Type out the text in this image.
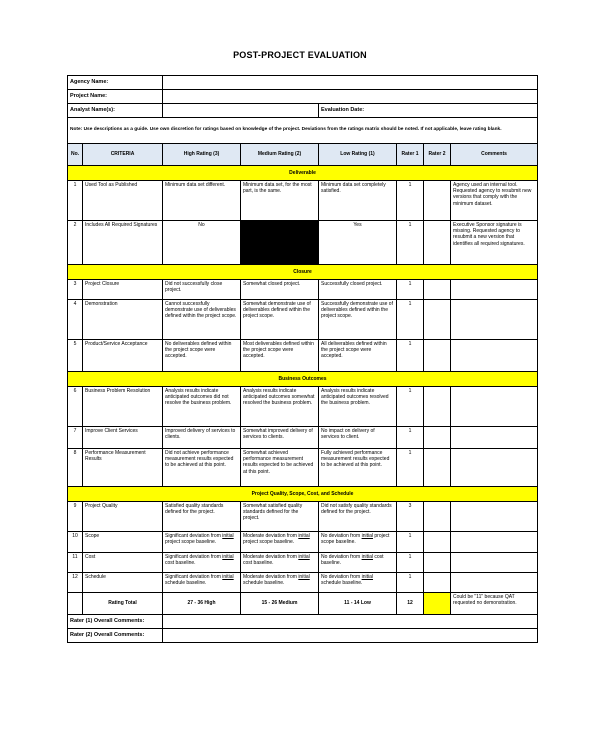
POST-PROJECT EVALUATION
Agency Name:							
Project Name:							
Analyst Name(s):				Evaluation Date:			
Note: Use descriptions as a guide. Use own discretion for ratings based on knowledge of the project. Deviations from the ratings matrix should be noted. If not applicable, leave rating blank.							
No.	CRITERIA	High Rating (3)	Medium Rating (2)	Low Rating (1)	Rater 1	Rater 2	Comments
Deliverable							
1	Used Tool as Published	Minimum data set different.	Minimum data set, for the most part, is the same.	Minimum data set completely satisfied.	1		Agency used an internal tool. Requested agency to resubmit new versions that comply with the minimum dataset.
2	Includes All Required Signatures	No		Yes	1		Executive Sponsor signature is missing. Requested agency to resubmit a new version that identifies all required signatures.
Closure							
3	Project Closure	Did not successfully close project.	Somewhat closed project.	Successfully closed project.	1		
4	Demonstration	Cannot successfully demonstrate use of deliverables defined within the project scope.	Somewhat demonstrate use of deliverables defined within the project scope.	Successfully demonstrate use of deliverables defined within the project scope.	1		
5	Product/Service Acceptance	No deliverables defined within the project scope were accepted.	Most deliverables defined within the project scope were accepted.	All deliverables defined within the project scope were accepted.	1		
Business Outcomes							
6	Business Problem Resolution	Analysis results indicate anticipated outcomes did not resolve the business problem.	Analysis results indicate anticipated outcomes somewhat resolved the business problem.	Analysis results indicate anticipated outcomes resolved the business problem.	1		
7	Improve Client Services	Improved delivery of services to clients.	Somewhat improved delivery of services to clients.	No impact on delivery of services to client.	1		
8	Performance Measurement Results	Did not achieve performance measurement results expected to be achieved at this point.	Somewhat achieved performance measurement results expected to be achieved at this point.	Fully achieved performance measurement results expected to be achieved at this point.	1		
Project Quality, Scope, Cost, and Schedule							
9	Project Quality	Satisfied quality standards defined for the project.	Somewhat satisfied quality standards defined for the project.	Did not satisfy quality standards defined for the project.	3		
10	Scope	Significant deviation from initial project scope baseline.	Moderate deviation from initial project scope baseline.	No deviation from initial project scope baseline.	1		
11	Cost	Significant deviation from initial cost baseline.	Moderate deviation from initial cost baseline.	No deviation from initial cost baseline.	1		
12	Schedule	Significant deviation from initial schedule baseline.	Moderate deviation from initial schedule baseline.	No deviation from initial schedule baseline.	1		
	Rating Total	27 - 36 High	15 - 26 Medium	11 - 14 Low	12		Could be "11" because QAT requested no demonstration.
Rater (1) Overall Comments:							
Rater (2) Overall Comments:							
